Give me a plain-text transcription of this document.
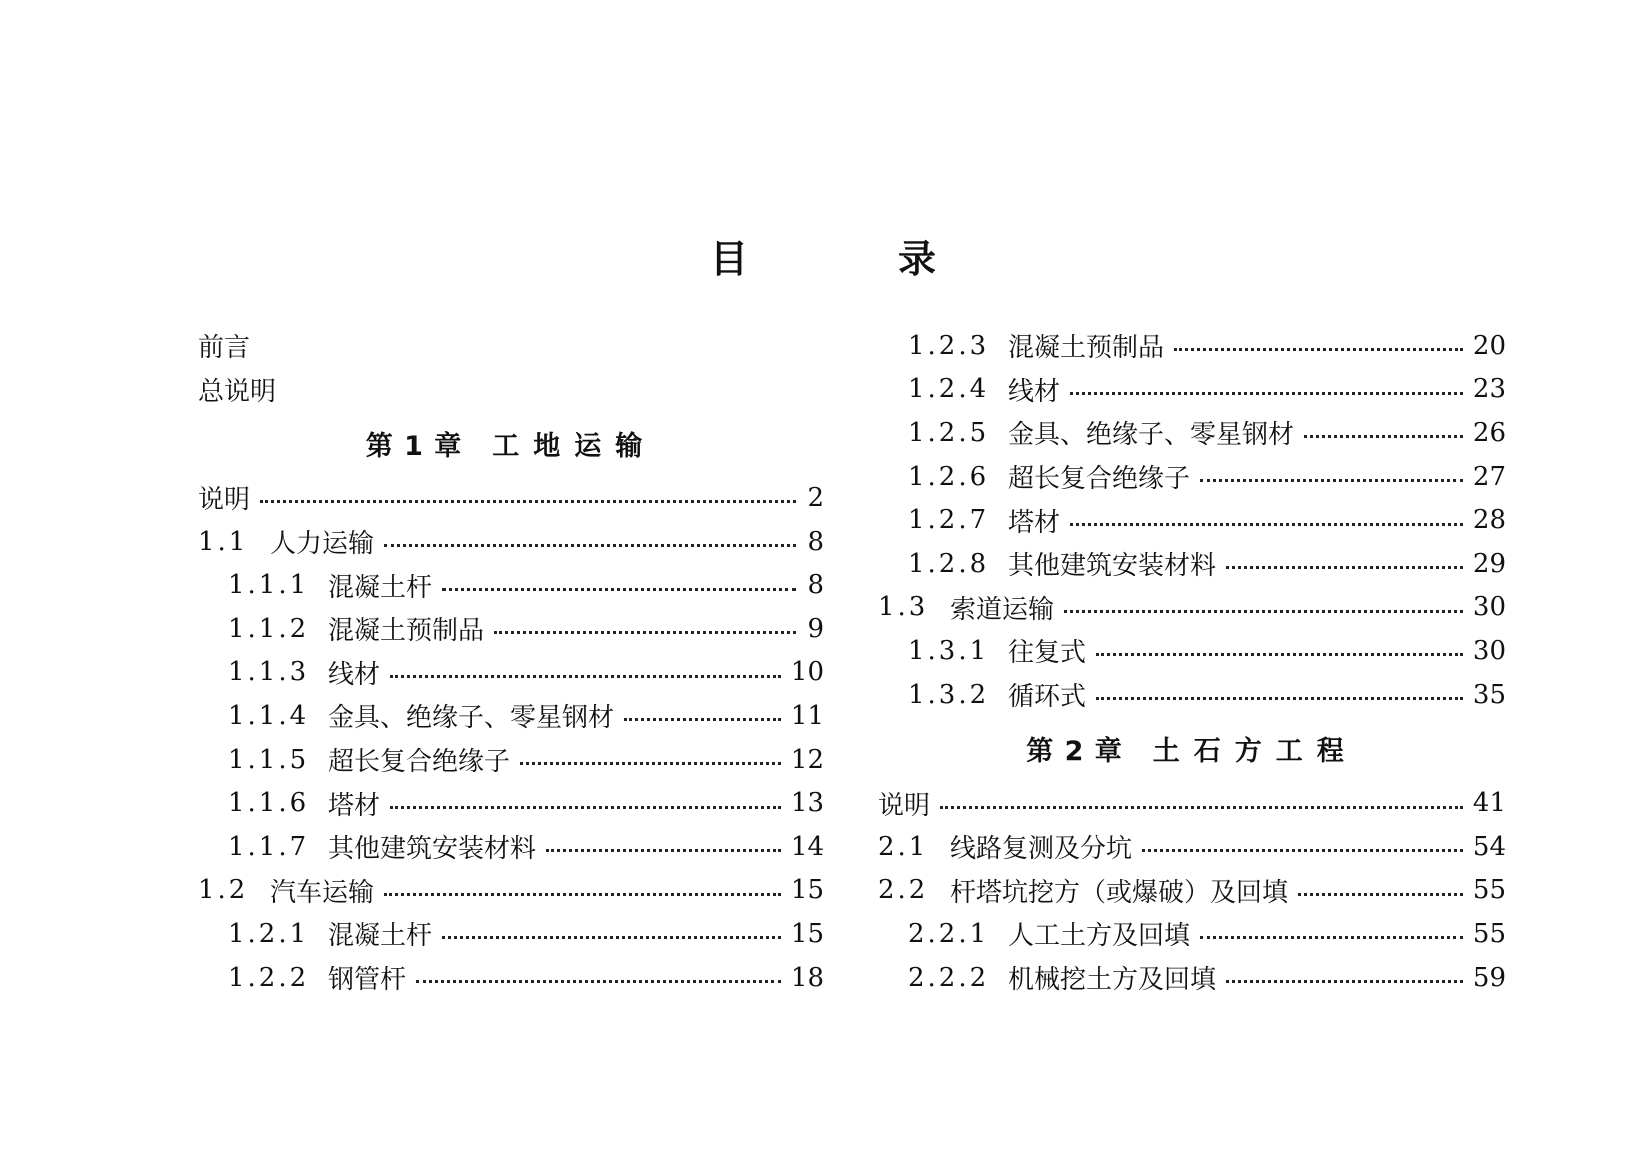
目	录
前言
总说明
第 1 章 工地运输
说明	2
1.1 人力运输	8
1.1.1 混凝土杆	8
1.1.2 混凝土预制品	9
1.1.3 线材	10
1.1.4 金具、绝缘子、零星钢材	11
1.1.5 超长复合绝缘子	12
1.1.6 塔材	13
1.1.7 其他建筑安装材料	14
1.2 汽车运输	15
1.2.1 混凝土杆	15
1.2.2 钢管杆	18
1.2.3 混凝土预制品	20
1.2.4 线材	23
1.2.5 金具、绝缘子、零星钢材	26
1.2.6 超长复合绝缘子	27
1.2.7 塔材	28
1.2.8 其他建筑安装材料	29
1.3 索道运输	30
1.3.1 往复式	30
1.3.2 循环式	35
第 2 章 土石方工程
说明	41
2.1 线路复测及分坑	54
2.2 杆塔坑挖方（或爆破）及回填	55
2.2.1 人工土方及回填	55
2.2.2 机械挖土方及回填	59
